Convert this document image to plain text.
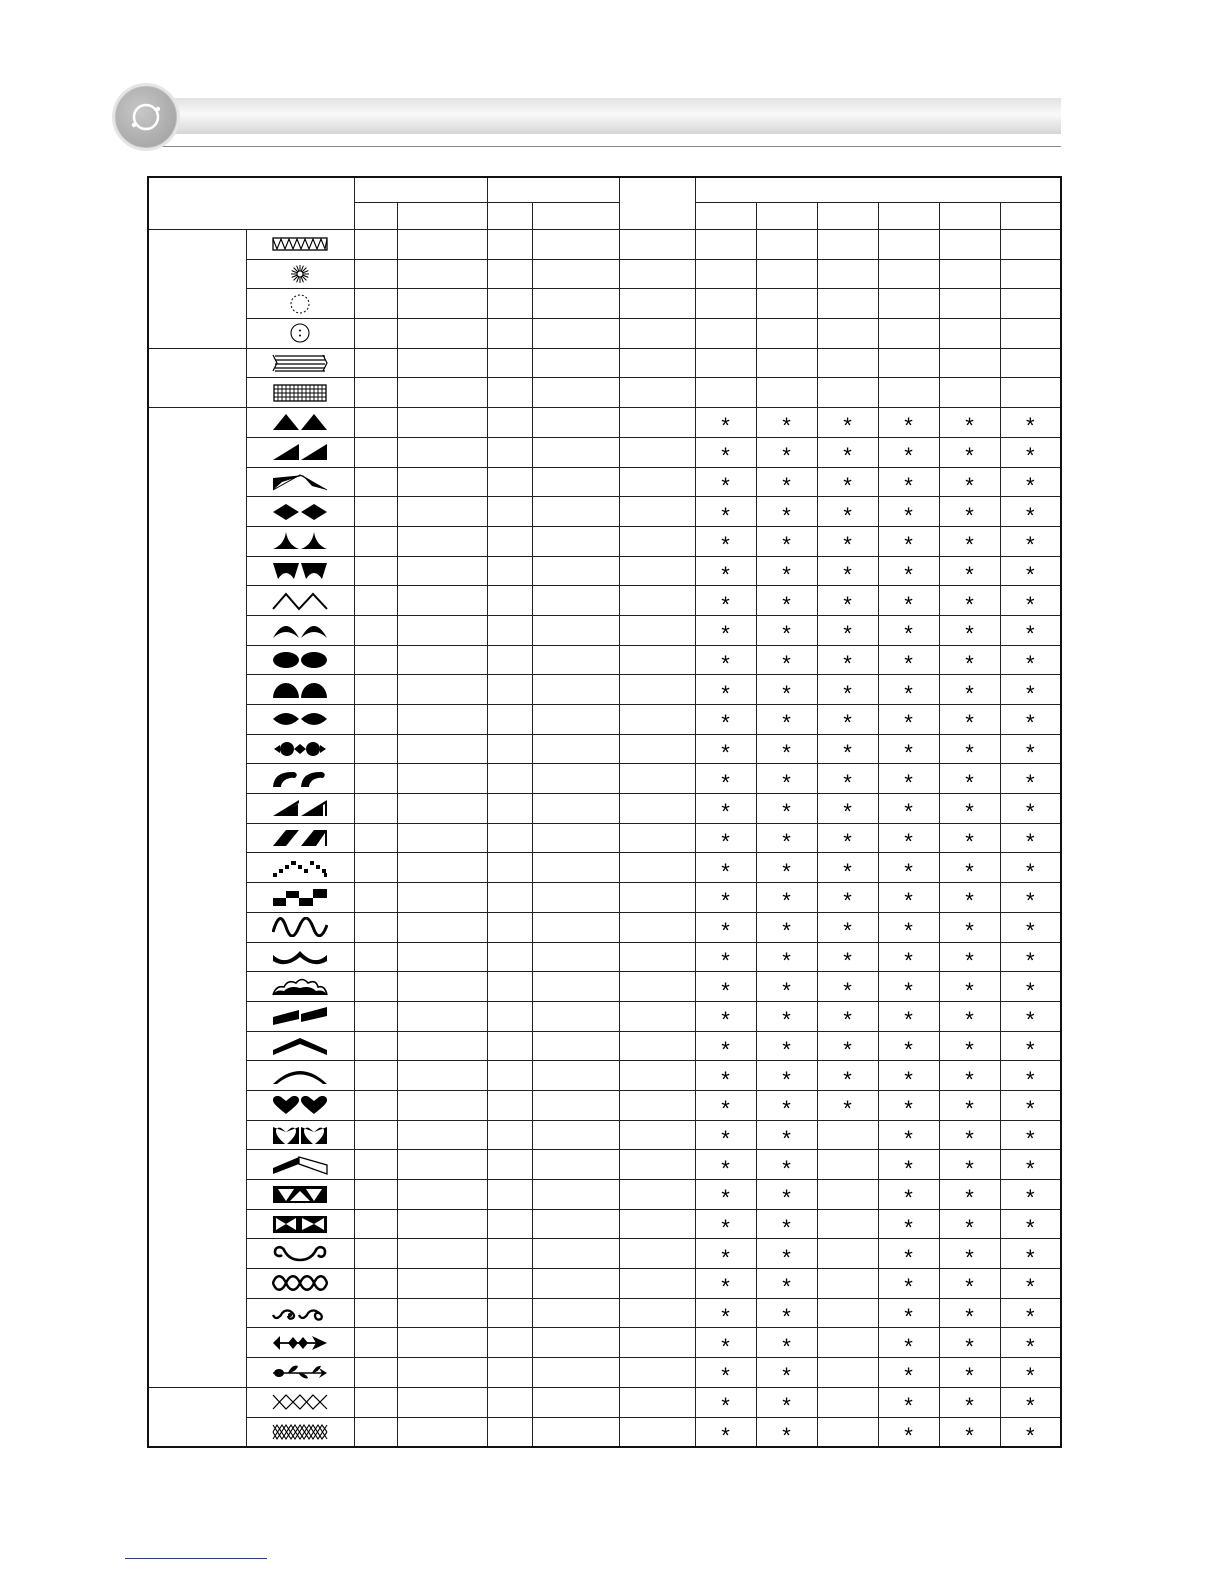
						*	*	*	*	*	*

						*	*	*	*	*	*

						*	*	*	*	*	*

						*	*	*	*	*	*

						*	*	*	*	*	*

						*	*	*	*	*	*

						*	*	*	*	*	*

						*	*	*	*	*	*

						*	*	*	*	*	*

						*	*	*	*	*	*

						*	*	*	*	*	*

						*	*	*	*	*	*

						*	*	*	*	*	*

						*	*	*	*	*	*

						*	*	*	*	*	*

						*	*	*	*	*	*

						*	*	*	*	*	*

						*	*	*	*	*	*

						*	*	*	*	*	*

						*	*	*	*	*	*

						*	*	*	*	*	*

						*	*	*	*	*	*

						*	*	*	*	*	*

						*	*	*	*	*	*

						*	*		*	*	*

						*	*		*	*	*

						*	*		*	*	*

						*	*		*	*	*

						*	*		*	*	*

						*	*		*	*	*

						*	*		*	*	*

						*	*		*	*	*

						*	*		*	*	*

						*	*		*	*	*

						*	*		*	*	*
